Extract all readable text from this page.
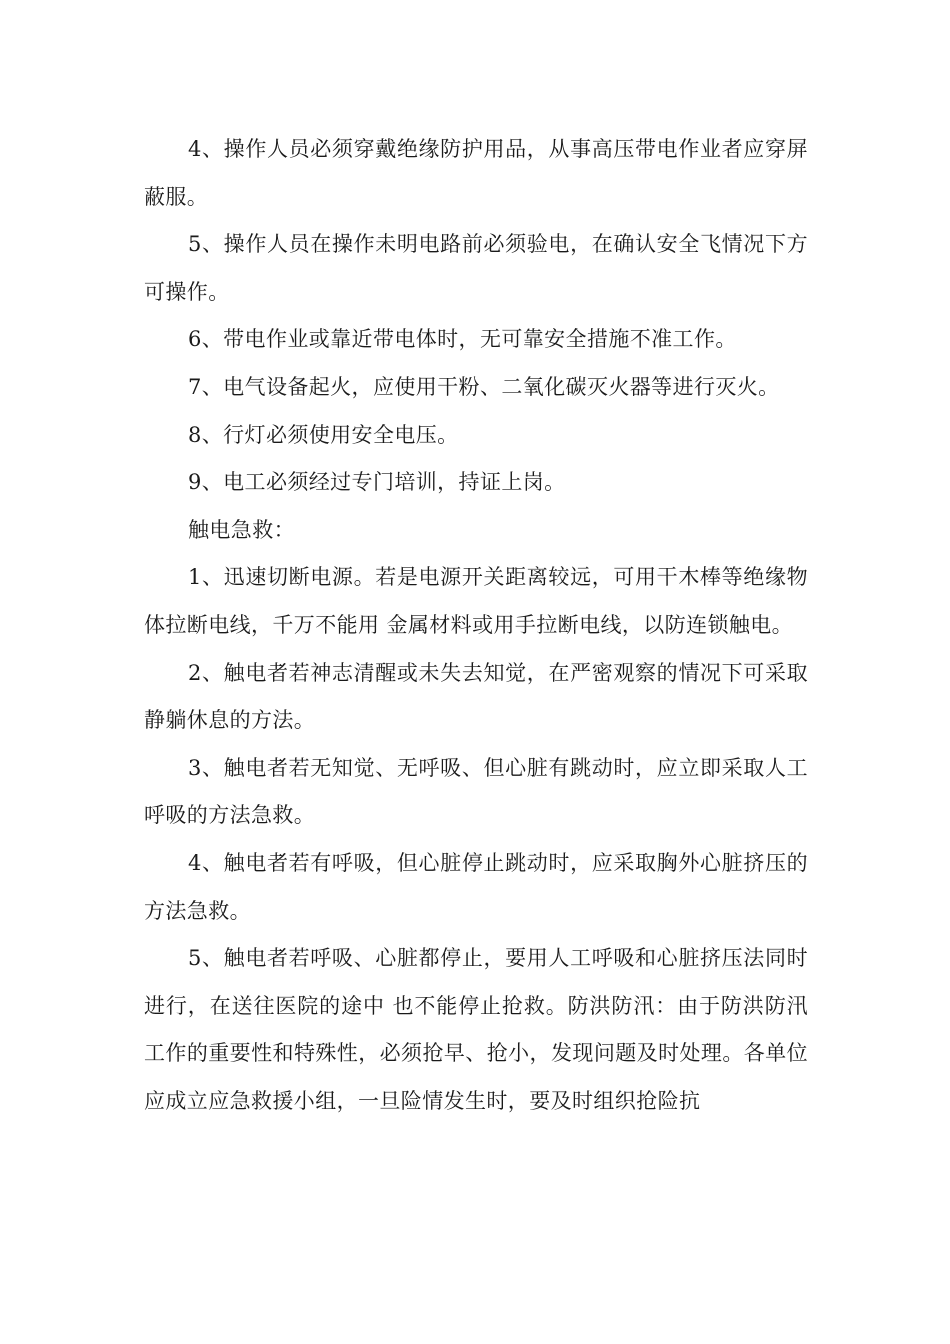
4、操作人员必须穿戴绝缘防护用品，从事高压带电作业者应穿屏蔽服。

5、操作人员在操作未明电路前必须验电，在确认安全飞情况下方可操作。

6、带电作业或靠近带电体时，无可靠安全措施不准工作。

7、电气设备起火，应使用干粉、二氧化碳灭火器等进行灭火。

8、行灯必须使用安全电压。

9、电工必须经过专门培训，持证上岗。

触电急救：

1、迅速切断电源。若是电源开关距离较远，可用干木棒等绝缘物体拉断电线，千万不能用 金属材料或用手拉断电线，以防连锁触电。

2、触电者若神志清醒或未失去知觉，在严密观察的情况下可采取静躺休息的方法。

3、触电者若无知觉、无呼吸、但心脏有跳动时，应立即采取人工呼吸的方法急救。

4、触电者若有呼吸，但心脏停止跳动时，应采取胸外心脏挤压的方法急救。

5、触电者若呼吸、心脏都停止，要用人工呼吸和心脏挤压法同时进行，在送往医院的途中 也不能停止抢救。防洪防汛：由于防洪防汛工作的重要性和特殊性，必须抢早、抢小，发现问题及时处理。各单位 应成立应急救援小组，一旦险情发生时，要及时组织抢险抗
